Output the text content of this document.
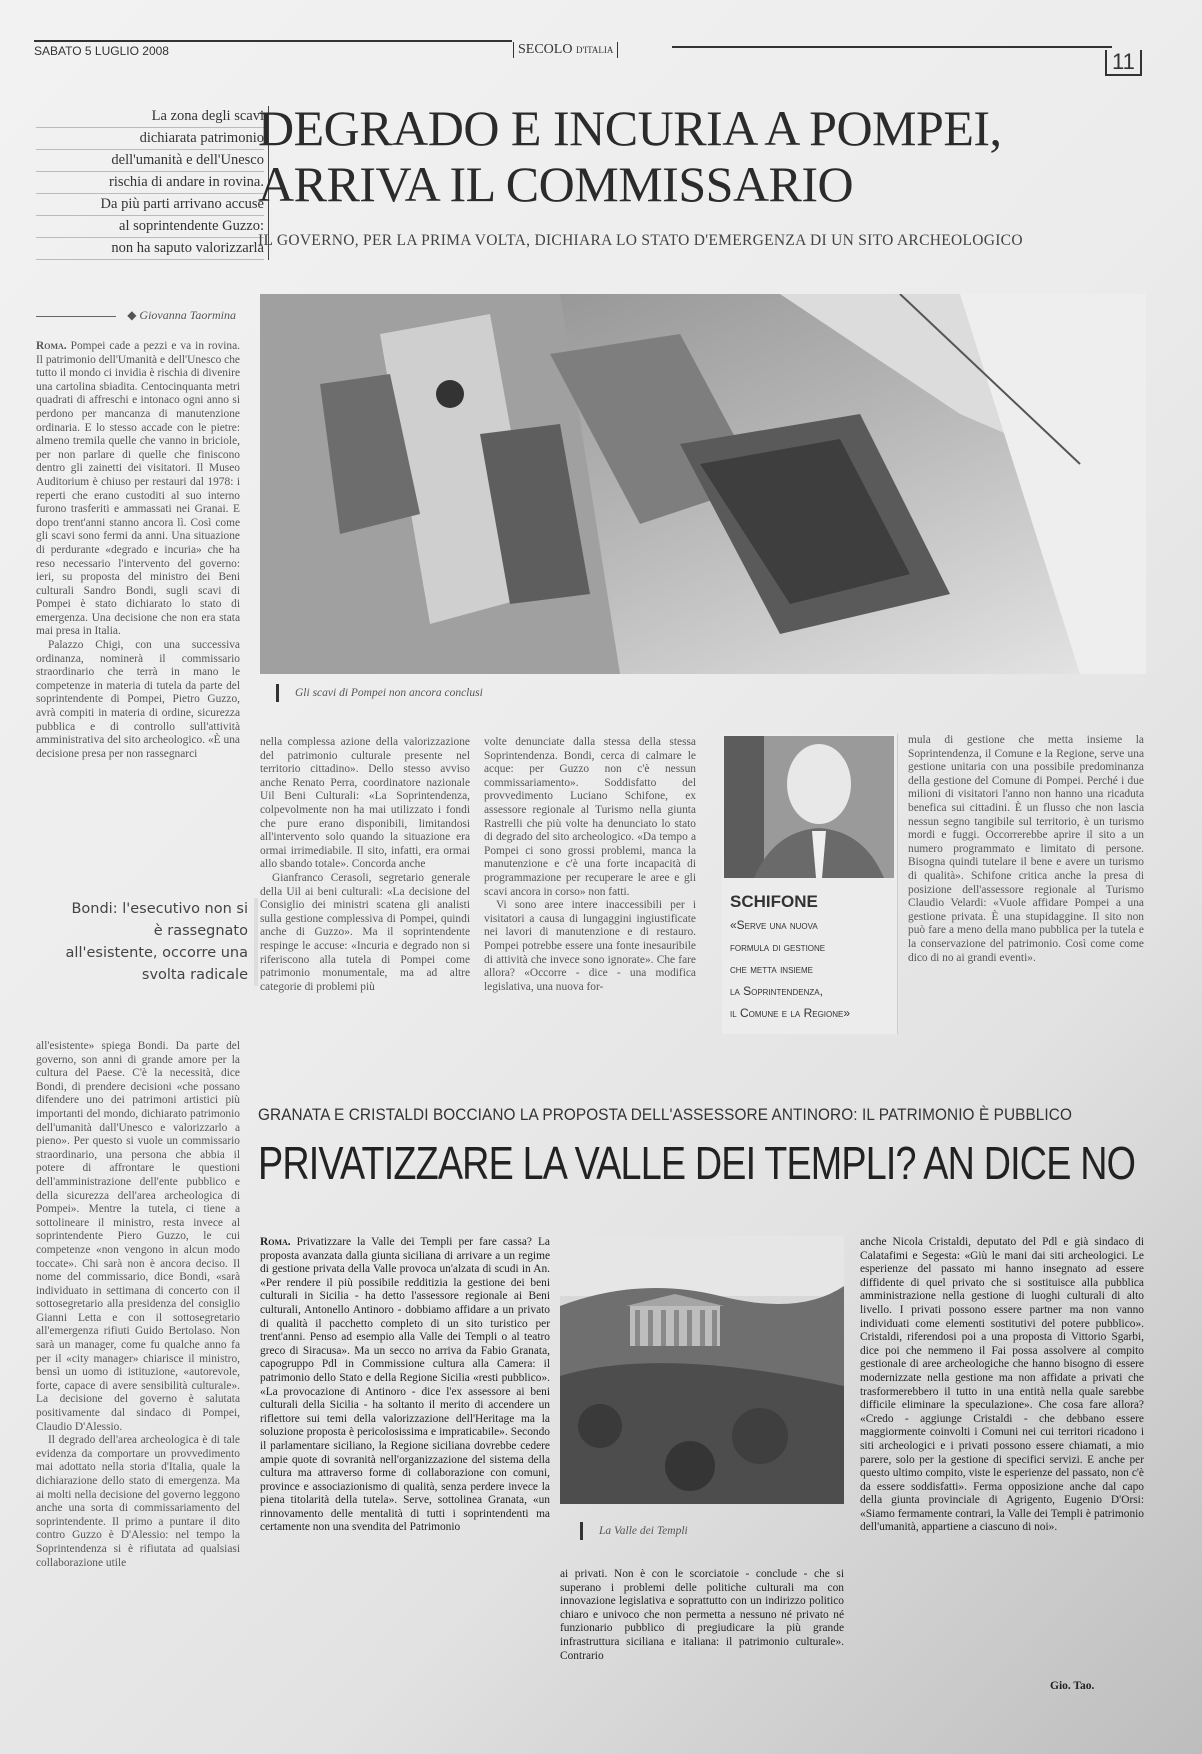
SABATO 5 LUGLIO 2008	SECOLO D'ITALIA	11
La zona degli scavi
dichiarata patrimonio
dell'umanità e dell'Unesco
rischia di andare in rovina.
Da più parti arrivano accuse
al soprintendente Guzzo:
non ha saputo valorizzarla
DEGRADO E INCURIA A POMPEI,
ARRIVA IL COMMISSARIO
IL GOVERNO, PER LA PRIMA VOLTA, DICHIARA LO STATO D'EMERGENZA DI UN SITO ARCHEOLOGICO
◆ Giovanna Taormina
Gli scavi di Pompei non ancora conclusi

Roma. Pompei cade a pezzi e va in rovina. Il patrimonio dell'Umanità e dell'Unesco che tutto il mondo ci invidia è rischia di divenire una cartolina sbiadita. Centocinquanta metri quadrati di affreschi e intonaco ogni anno si perdono per mancanza di manutenzione ordinaria. E lo stesso accade con le pietre: almeno tremila quelle che vanno in briciole, per non parlare di quelle che finiscono dentro gli zainetti dei visitatori. Il Museo Auditorium è chiuso per restauri dal 1978: i reperti che erano custoditi al suo interno furono trasferiti e ammassati nei Granai. E dopo trent'anni stanno ancora lì. Così come gli scavi sono fermi da anni. Una situazione di perdurante «degrado e incuria» che ha reso necessario l'intervento del governo: ieri, su proposta del ministro dei Beni culturali Sandro Bondi, sugli scavi di Pompei è stato dichiarato lo stato di emergenza. Una decisione che non era stata mai presa in Italia.

Palazzo Chigi, con una successiva ordinanza, nominerà il commissario straordinario che terrà in mano le competenze in materia di tutela da parte del soprintendente di Pompei, Pietro Guzzo, avrà compiti in materia di ordine, sicurezza pubblica e di controllo sull'attività amministrativa del sito archeologico. «È una decisione presa per non rassegnarci

Bondi: l'esecutivo non si è rassegnato all'esistente, occorre una svolta radicale

all'esistente» spiega Bondi. Da parte del governo, son anni di grande amore per la cultura del Paese. C'è la necessità, dice Bondi, di prendere decisioni «che possano difendere uno dei patrimoni artistici più importanti del mondo, dichiarato patrimonio dell'umanità dall'Unesco e valorizzarlo a pieno». Per questo si vuole un commissario straordinario, una persona che abbia il potere di affrontare le questioni dell'amministrazione dell'ente pubblico e della sicurezza dell'area archeologica di Pompei». Mentre la tutela, ci tiene a sottolineare il ministro, resta invece al soprintendente Piero Guzzo, le cui competenze «non vengono in alcun modo toccate». Chi sarà non è ancora deciso. Il nome del commissario, dice Bondi, «sarà individuato in settimana di concerto con il sottosegretario alla presidenza del consiglio Gianni Letta e con il sottosegretario all'emergenza rifiuti Guido Bertolaso. Non sarà un manager, come fu qualche anno fa per il «city manager» chiarisce il ministro, bensì un uomo di istituzione, «autorevole, forte, capace di avere sensibilità culturale». La decisione del governo è salutata positivamente dal sindaco di Pompei, Claudio D'Alessio.

Il degrado dell'area archeologica è di tale evidenza da comportare un provvedimento mai adottato nella storia d'Italia, quale la dichiarazione dello stato di emergenza. Ma ai molti nella decisione del governo leggono anche una sorta di commissariamento del soprintendente. Il primo a puntare il dito contro Guzzo è D'Alessio: nel tempo la Soprintendenza si è rifiutata ad qualsiasi collaborazione utile

nella complessa azione della valorizzazione del patrimonio culturale presente nel territorio cittadino». Dello stesso avviso anche Renato Perra, coordinatore nazionale Uil Beni Culturali: «La Soprintendenza, colpevolmente non ha mai utilizzato i fondi che pure erano disponibili, limitandosi all'intervento solo quando la situazione era ormai irrimediabile. Il sito, infatti, era ormai allo sbando totale». Concorda anche

Gianfranco Cerasoli, segretario generale della Uil ai beni culturali: «La decisione del Consiglio dei ministri scatena gli analisti sulla gestione complessiva di Pompei, quindi anche di Guzzo». Ma il soprintendente respinge le accuse: «Incuria e degrado non si riferiscono alla tutela di Pompei come patrimonio monumentale, ma ad altre categorie di problemi più

volte denunciate dalla stessa della stessa Soprintendenza. Bondi, cerca di calmare le acque: per Guzzo non c'è nessun commissariamento». Soddisfatto del provvedimento Luciano Schifone, ex assessore regionale al Turismo nella giunta Rastrelli che più volte ha denunciato lo stato di degrado del sito archeologico. «Da tempo a Pompei ci sono grossi problemi, manca la manutenzione e c'è una forte incapacità di programmazione per recuperare le aree e gli scavi ancora in corso» non fatti.

Vi sono aree intere inaccessibili per i visitatori a causa di lungaggini ingiustificate nei lavori di manutenzione e di restauro. Pompei potrebbe essere una fonte inesauribile di attività che invece sono ignorate». Che fare allora? «Occorre - dice - una modifica legislativa, una nuova for-

SCHIFONE
«Serve una nuova
formula di gestione
che metta insieme
la Soprintendenza,
il Comune e la Regione»

mula di gestione che metta insieme la Soprintendenza, il Comune e la Regione, serve una gestione unitaria con una possibile predominanza della gestione del Comune di Pompei. Perché i due milioni di visitatori l'anno non hanno una ricaduta benefica sui cittadini. È un flusso che non lascia nessun segno tangibile sul territorio, è un turismo mordi e fuggi. Occorrerebbe aprire il sito a un numero programmato e limitato di persone. Bisogna quindi tutelare il bene e avere un turismo di qualità». Schifone critica anche la presa di posizione dell'assessore regionale al Turismo Claudio Velardi: «Vuole affidare Pompei a una gestione privata. È una stupidaggine. Il sito non può fare a meno della mano pubblica per la tutela e la conservazione del patrimonio. Così come come dico di no ai grandi eventi».

GRANATA E CRISTALDI BOCCIANO LA PROPOSTA DELL'ASSESSORE ANTINORO: IL PATRIMONIO È PUBBLICO
PRIVATIZZARE LA VALLE DEI TEMPLI? AN DICE NO

Roma. Privatizzare la Valle dei Templi per fare cassa? La proposta avanzata dalla giunta siciliana di arrivare a un regime di gestione privata della Valle provoca un'alzata di scudi in An. «Per rendere il più possibile redditizia la gestione dei beni culturali in Sicilia - ha detto l'assessore regionale ai Beni culturali, Antonello Antinoro - dobbiamo affidare a un privato di qualità il pacchetto completo di un sito turistico per trent'anni. Penso ad esempio alla Valle dei Templi o al teatro greco di Siracusa». Ma un secco no arriva da Fabio Granata, capogruppo Pdl in Commissione cultura alla Camera: il patrimonio dello Stato e della Regione Sicilia «resti pubblico». «La provocazione di Antinoro - dice l'ex assessore ai beni culturali della Sicilia - ha soltanto il merito di accendere un riflettore sui temi della valorizzazione dell'Heritage ma la soluzione proposta è pericolosissima e impraticabile». Secondo il parlamentare siciliano, la Regione siciliana dovrebbe cedere ampie quote di sovranità nell'organizzazione del sistema della cultura ma attraverso forme di collaborazione con comuni, province e associazionismo di qualità, senza perdere invece la piena titolarità della tutela». Serve, sottolinea Granata, «un rinnovamento delle mentalità di tutti i soprintendenti ma certamente non una svendita del Patrimonio	La Valle dei Templi

ai privati. Non è con le scorciatoie - conclude - che si superano i problemi delle politiche culturali ma con innovazione legislativa e soprattutto con un indirizzo politico chiaro e univoco che non permetta a nessuno né privato né funzionario pubblico di pregiudicare la più grande infrastruttura siciliana e italiana: il patrimonio culturale». Contrario

anche Nicola Cristaldi, deputato del Pdl e già sindaco di Calatafimi e Segesta: «Giù le mani dai siti archeologici. Le esperienze del passato mi hanno insegnato ad essere diffidente di quel privato che si sostituisce alla pubblica amministrazione nella gestione di luoghi culturali di alto livello. I privati possono essere partner ma non vanno individuati come elementi sostitutivi del potere pubblico». Cristaldi, riferendosi poi a una proposta di Vittorio Sgarbi, dice poi che nemmeno il Fai possa assolvere al compito gestionale di aree archeologiche che hanno bisogno di essere modernizzate nella gestione ma non affidate a privati che trasformerebbero il tutto in una entità nella quale sarebbe difficile eliminare la speculazione». Che cosa fare allora? «Credo - aggiunge Cristaldi - che debbano essere maggiormente coinvolti i Comuni nei cui territori ricadono i siti archeologici e i privati possono essere chiamati, a mio parere, solo per la gestione di specifici servizi. E anche per questo ultimo compito, viste le esperienze del passato, non c'è da essere soddisfatti». Ferma opposizione anche dal capo della giunta provinciale di Agrigento, Eugenio D'Orsi: «Siamo fermamente contrari, la Valle dei Templi è patrimonio dell'umanità, appartiene a ciascuno di noi».

Gio. Tao.
